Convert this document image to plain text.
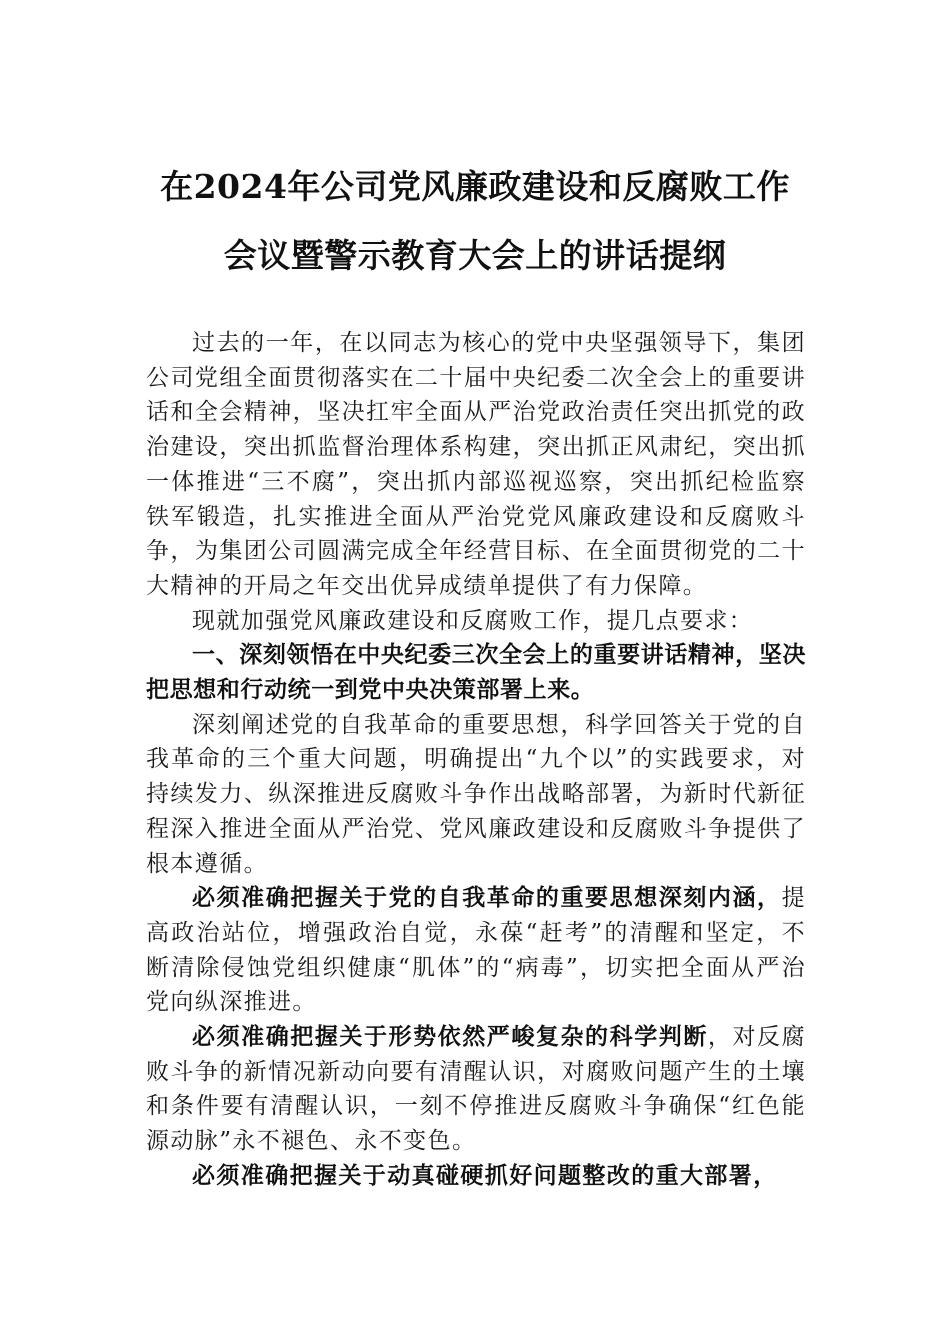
在2024年公司党风廉政建设和反腐败工作
会议暨警示教育大会上的讲话提纲

过去的一年，在以同志为核心的党中央坚强领导下，集团公司党组全面贯彻落实在二十届中央纪委二次全会上的重要讲话和全会精神，坚决扛牢全面从严治党政治责任突出抓党的政治建设，突出抓监督治理体系构建，突出抓正风肃纪，突出抓一体推进“三不腐”，突出抓内部巡视巡察，突出抓纪检监察铁军锻造，扎实推进全面从严治党党风廉政建设和反腐败斗争，为集团公司圆满完成全年经营目标、在全面贯彻党的二十大精神的开局之年交出优异成绩单提供了有力保障。

现就加强党风廉政建设和反腐败工作，提几点要求：

一、深刻领悟在中央纪委三次全会上的重要讲话精神，坚决把思想和行动统一到党中央决策部署上来。

深刻阐述党的自我革命的重要思想，科学回答关于党的自我革命的三个重大问题，明确提出“九个以”的实践要求，对持续发力、纵深推进反腐败斗争作出战略部署，为新时代新征程深入推进全面从严治党、党风廉政建设和反腐败斗争提供了根本遵循。

必须准确把握关于党的自我革命的重要思想深刻内涵，提高政治站位，增强政治自觉，永葆“赶考”的清醒和坚定，不断清除侵蚀党组织健康“肌体”的“病毒”，切实把全面从严治党向纵深推进。

必须准确把握关于形势依然严峻复杂的科学判断，对反腐败斗争的新情况新动向要有清醒认识，对腐败问题产生的土壤和条件要有清醒认识，一刻不停推进反腐败斗争确保“红色能源动脉”永不褪色、永不变色。

必须准确把握关于动真碰硬抓好问题整改的重大部署，
